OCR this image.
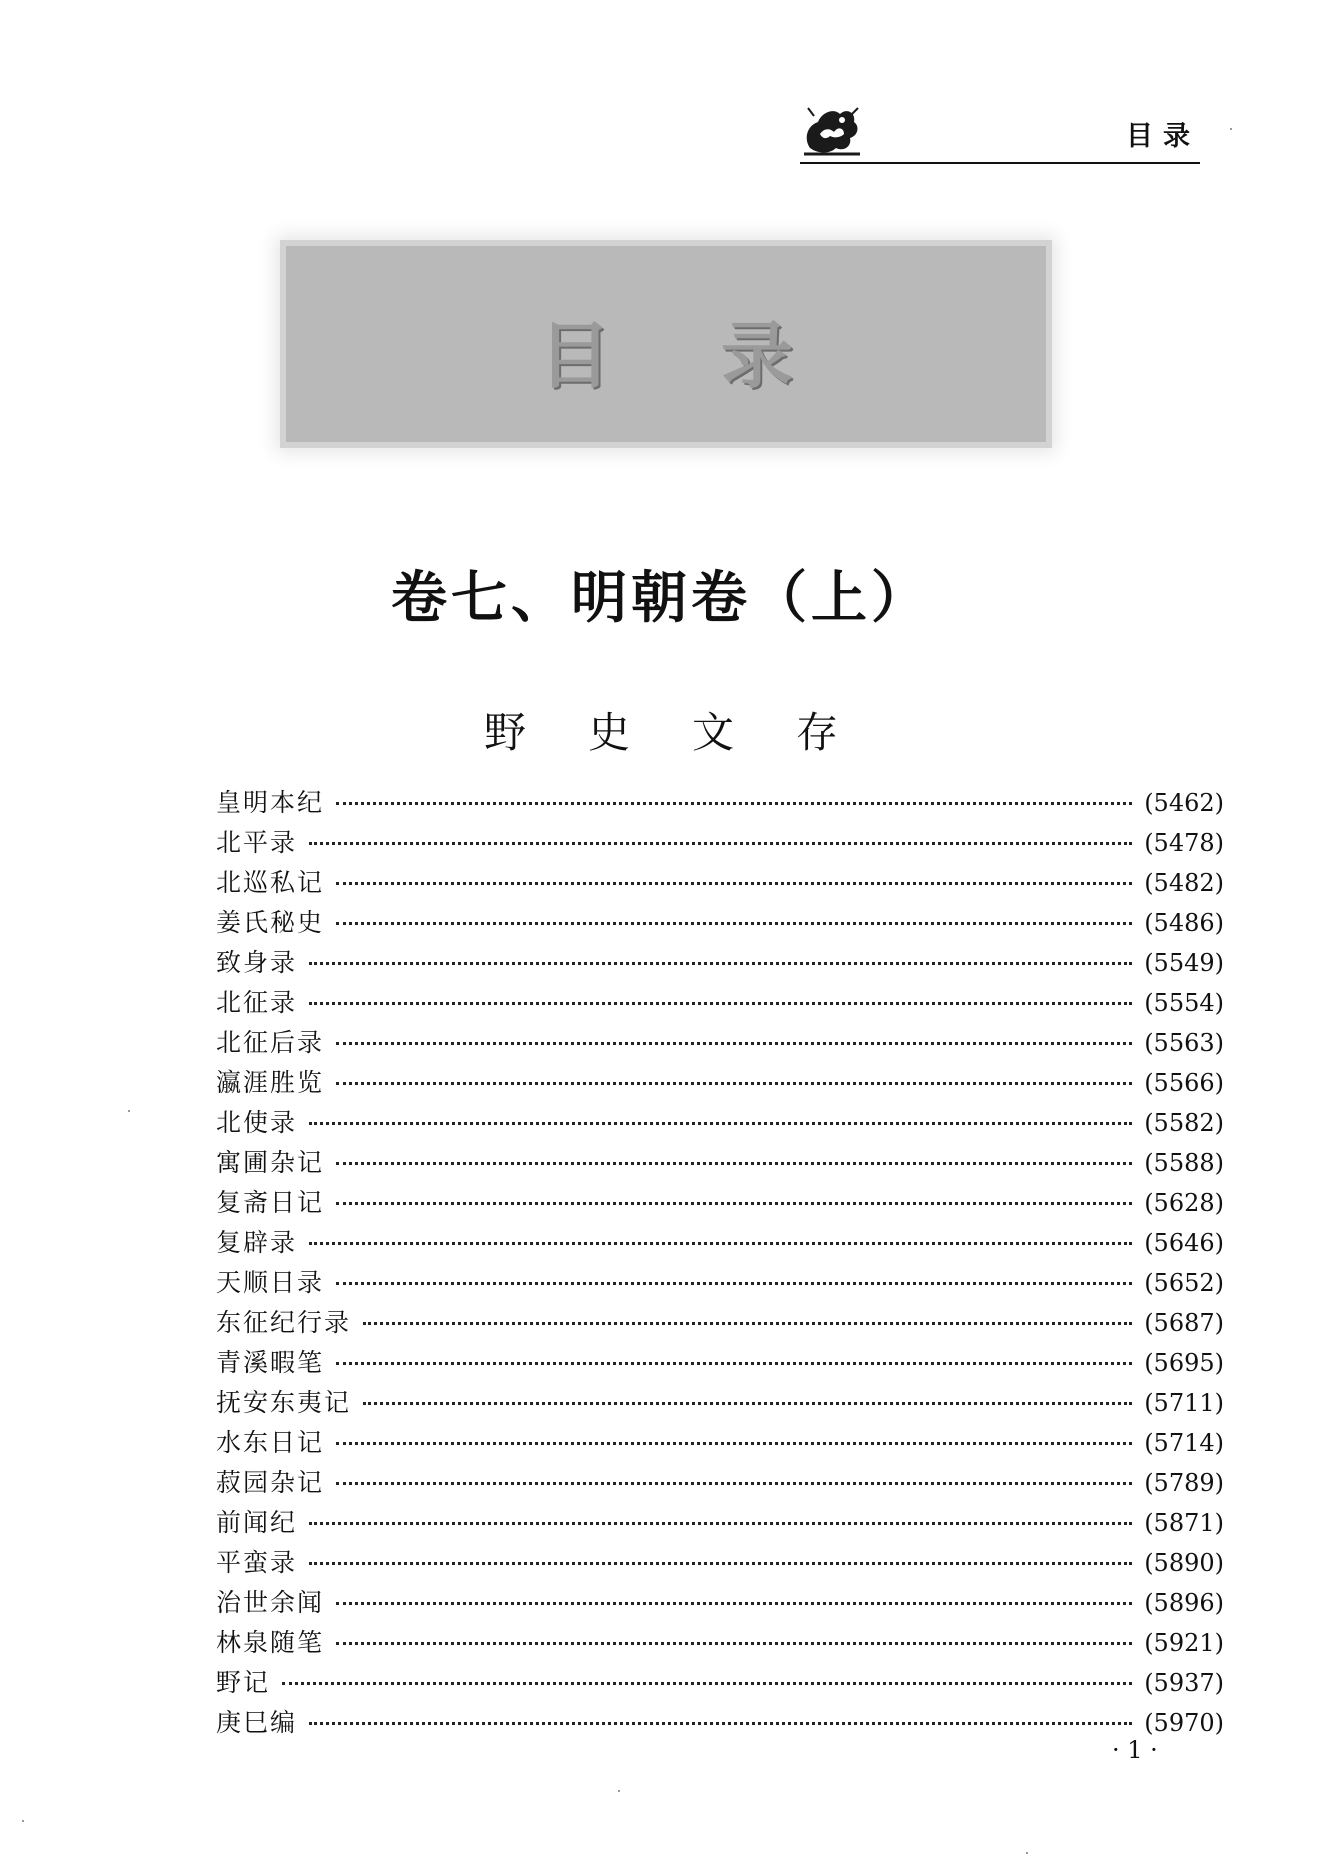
目录
目录
卷七、明朝卷（上）
野史文存
皇明本纪	(5462)
北平录	(5478)
北巡私记	(5482)
姜氏秘史	(5486)
致身录	(5549)
北征录	(5554)
北征后录	(5563)
瀛涯胜览	(5566)
北使录	(5582)
寓圃杂记	(5588)
复斋日记	(5628)
复辟录	(5646)
天顺日录	(5652)
东征纪行录	(5687)
青溪暇笔	(5695)
抚安东夷记	(5711)
水东日记	(5714)
菽园杂记	(5789)
前闻纪	(5871)
平蛮录	(5890)
治世余闻	(5896)
林泉随笔	(5921)
野记	(5937)
庚巳编	(5970)
· 1 ·
